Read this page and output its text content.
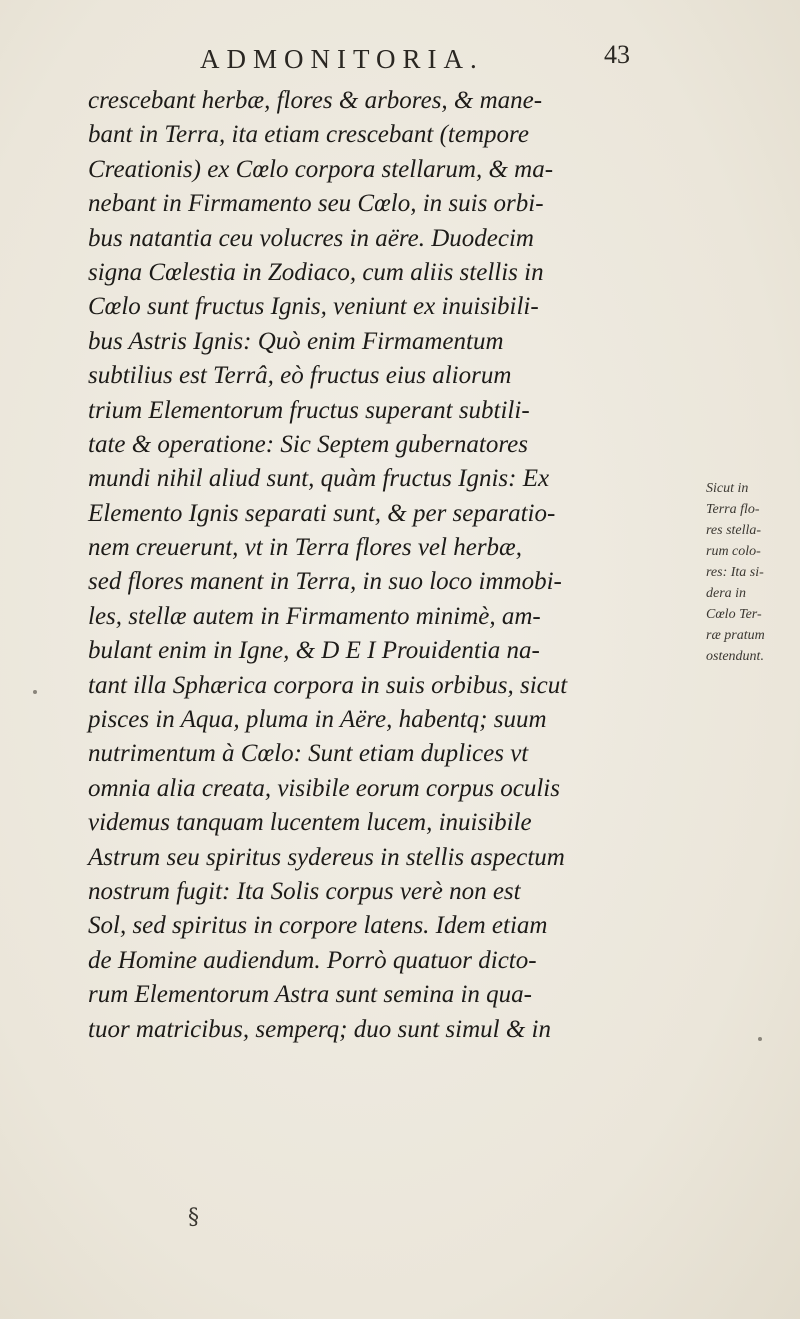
ADMONITORIA.	43
crescebant herbæ, flores & arbores, & mane-
bant in Terra, ita etiam crescebant (tempore
Creationis) ex Cœlo corpora stellarum, & ma-
nebant in Firmamento seu Cœlo, in suis orbi-
bus natantia ceu volucres in aëre. Duodecim
signa Cœlestia in Zodiaco, cum aliis stellis in
Cœlo sunt fructus Ignis, veniunt ex inuisibili-
bus Astris Ignis: Quò enim Firmamentum
subtilius est Terrâ, eò fructus eius aliorum
trium Elementorum fructus superant subtili-
tate & operatione: Sic Septem gubernatores
mundi nihil aliud sunt, quàm fructus Ignis: Ex
Elemento Ignis separati sunt, & per separatio-
nem creuerunt, vt in Terra flores vel herbæ,
sed flores manent in Terra, in suo loco immobi-
les, stellæ autem in Firmamento minimè, am-
bulant enim in Igne, & D E I Prouidentia na-
tant illa Sphærica corpora in suis orbibus, sicut
pisces in Aqua, pluma in Aëre, habentq; suum
nutrimentum à Cœlo: Sunt etiam duplices vt
omnia alia creata, visibile eorum corpus oculis
videmus tanquam lucentem lucem, inuisibile
Astrum seu spiritus sydereus in stellis aspectum
nostrum fugit: Ita Solis corpus verè non est
Sol, sed spiritus in corpore latens. Idem etiam
de Homine audiendum. Porrò quatuor dicto-
rum Elementorum Astra sunt semina in qua-
tuor matricibus, semperq; duo sunt simul & in
Sicut in
Terra flo-
res stella-
rum colo-
res: Ita si-
dera in
Cœlo Ter-
ræ pratum
ostendunt.
§
